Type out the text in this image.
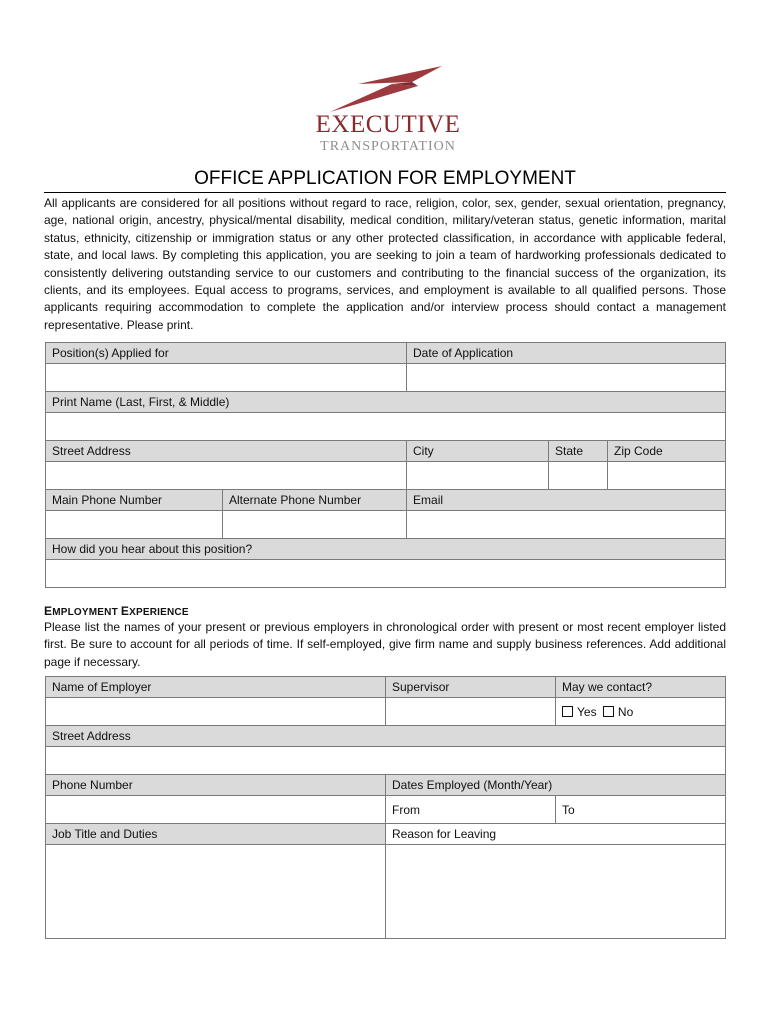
EXECUTIVE
TRANSPORTATION
OFFICE APPLICATION FOR EMPLOYMENT

All applicants are considered for all positions without regard to race, religion, color, sex, gender, sexual orientation, pregnancy, age, national origin, ancestry, physical/mental disability, medical condition, military/veteran status, genetic information, marital status, ethnicity, citizenship or immigration status or any other protected classification, in accordance with applicable federal, state, and local laws. By completing this application, you are seeking to join a team of hardworking professionals dedicated to consistently delivering outstanding service to our customers and contributing to the financial success of the organization, its clients, and its employees. Equal access to programs, services, and employment is available to all qualified persons. Those applicants requiring accommodation to complete the application and/or interview process should contact a management representative. Please print.

Position(s) Applied for		Date of Application		

Print Name (Last, First, & Middle)				

Street Address		City	State	Zip Code

Main Phone Number	Alternate Phone Number	Email		

How did you hear about this position?				

EMPLOYMENT EXPERIENCE

Please list the names of your present or previous employers in chronological order with present or most recent employer listed first. Be sure to account for all periods of time. If self-employed, give firm name and supply business references. Add additional page if necessary.

Name of Employer	Supervisor	May we contact?
		Yes No
Street Address		

Phone Number	Dates Employed (Month/Year)	
	From	To
Job Title and Duties	Reason for Leaving	
